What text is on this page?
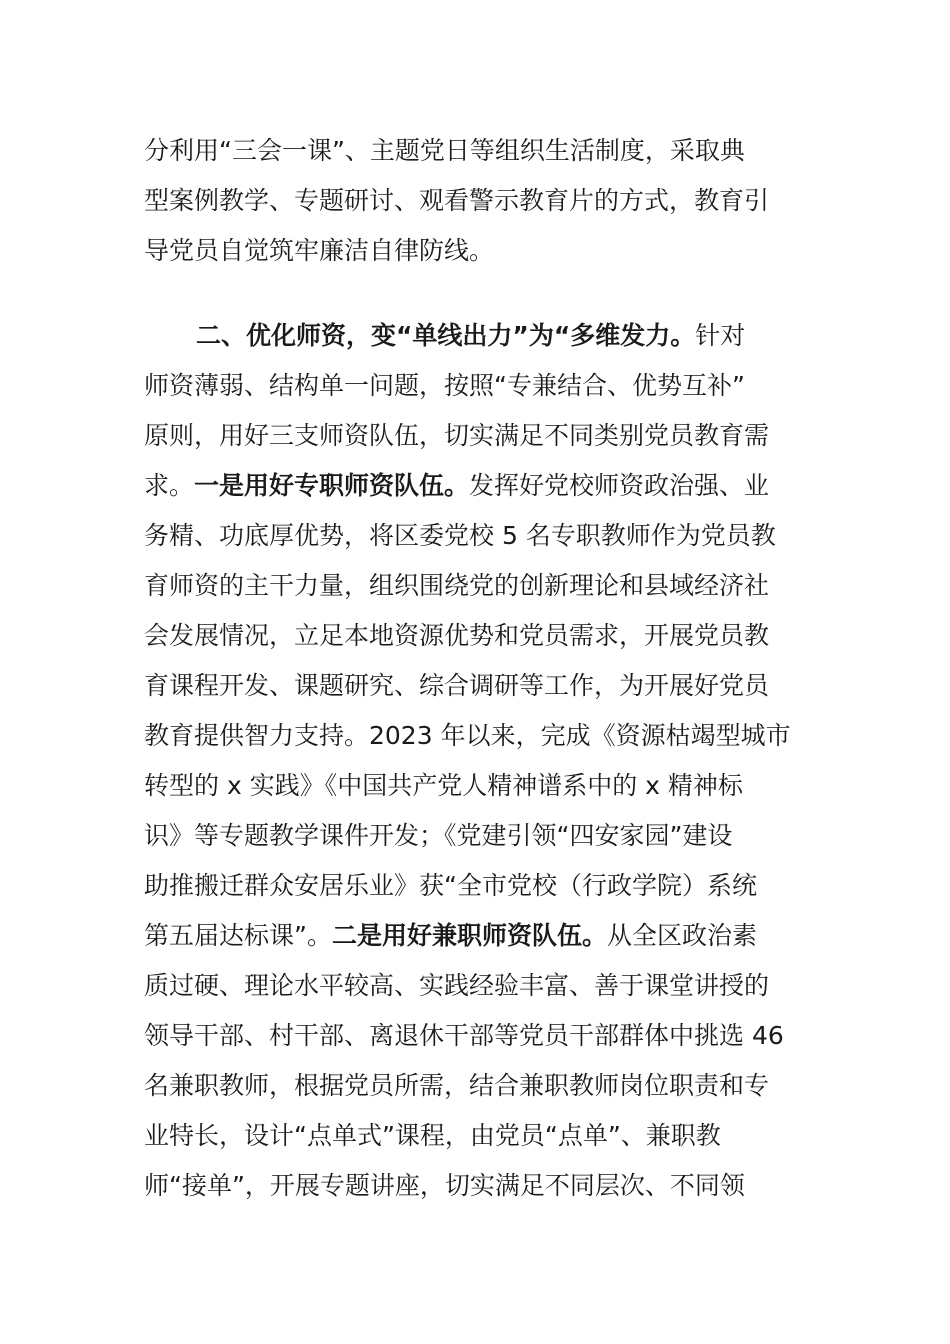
分利用“三会一课”、主题党日等组织生活制度，采取典
型案例教学、专题研讨、观看警示教育片的方式，教育引
导党员自觉筑牢廉洁自律防线。
二、优化师资，变“单线出力”为“多维发力。针对
师资薄弱、结构单一问题，按照“专兼结合、优势互补”
原则，用好三支师资队伍，切实满足不同类别党员教育需
求。一是用好专职师资队伍。发挥好党校师资政治强、业
务精、功底厚优势，将区委党校 5 名专职教师作为党员教
育师资的主干力量，组织围绕党的创新理论和县域经济社
会发展情况，立足本地资源优势和党员需求，开展党员教
育课程开发、课题研究、综合调研等工作，为开展好党员
教育提供智力支持。2023 年以来，完成《资源枯竭型城市
转型的 x 实践》《中国共产党人精神谱系中的 x 精神标
识》等专题教学课件开发；《党建引领“四安家园”建设
助推搬迁群众安居乐业》获“全市党校（行政学院）系统
第五届达标课”。二是用好兼职师资队伍。从全区政治素
质过硬、理论水平较高、实践经验丰富、善于课堂讲授的
领导干部、村干部、离退休干部等党员干部群体中挑选 46
名兼职教师，根据党员所需，结合兼职教师岗位职责和专
业特长，设计“点单式”课程，由党员“点单”、兼职教
师“接单”，开展专题讲座，切实满足不同层次、不同领
